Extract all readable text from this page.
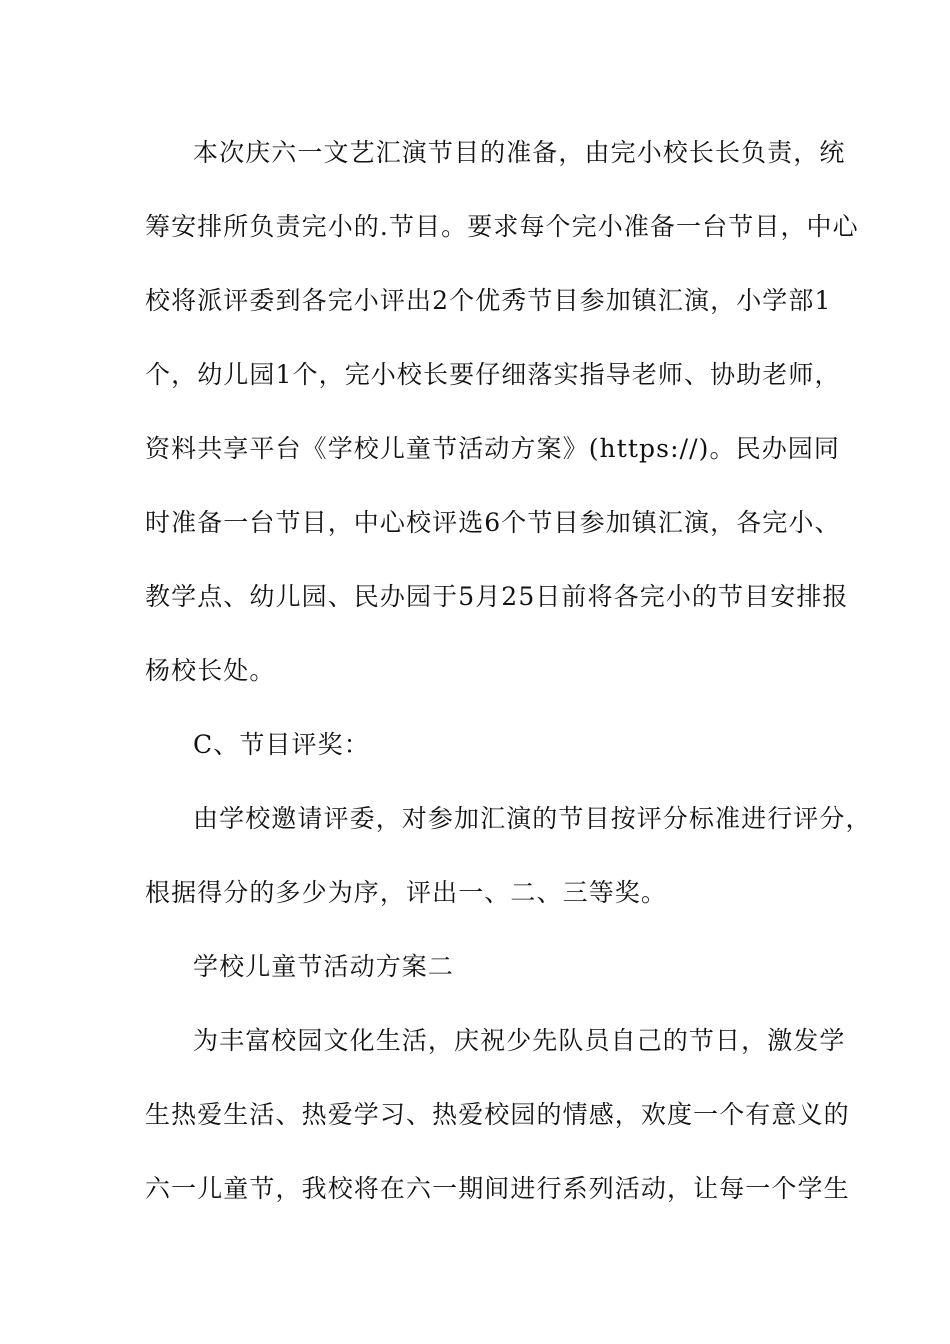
本次庆六一文艺汇演节目的准备，由完小校长长负责，统
筹安排所负责完小的.节目。要求每个完小准备一台节目，中心
校将派评委到各完小评出2个优秀节目参加镇汇演，小学部1
个，幼儿园1个，完小校长要仔细落实指导老师、协助老师，
资料共享平台《学校儿童节活动方案》(https://)。民办园同
时准备一台节目，中心校评选6个节目参加镇汇演，各完小、
教学点、幼儿园、民办园于5月25日前将各完小的节目安排报
杨校长处。
C、节目评奖：
由学校邀请评委，对参加汇演的节目按评分标准进行评分，
根据得分的多少为序，评出一、二、三等奖。
学校儿童节活动方案二
为丰富校园文化生活，庆祝少先队员自己的节日，激发学
生热爱生活、热爱学习、热爱校园的情感，欢度一个有意义的
六一儿童节，我校将在六一期间进行系列活动，让每一个学生
